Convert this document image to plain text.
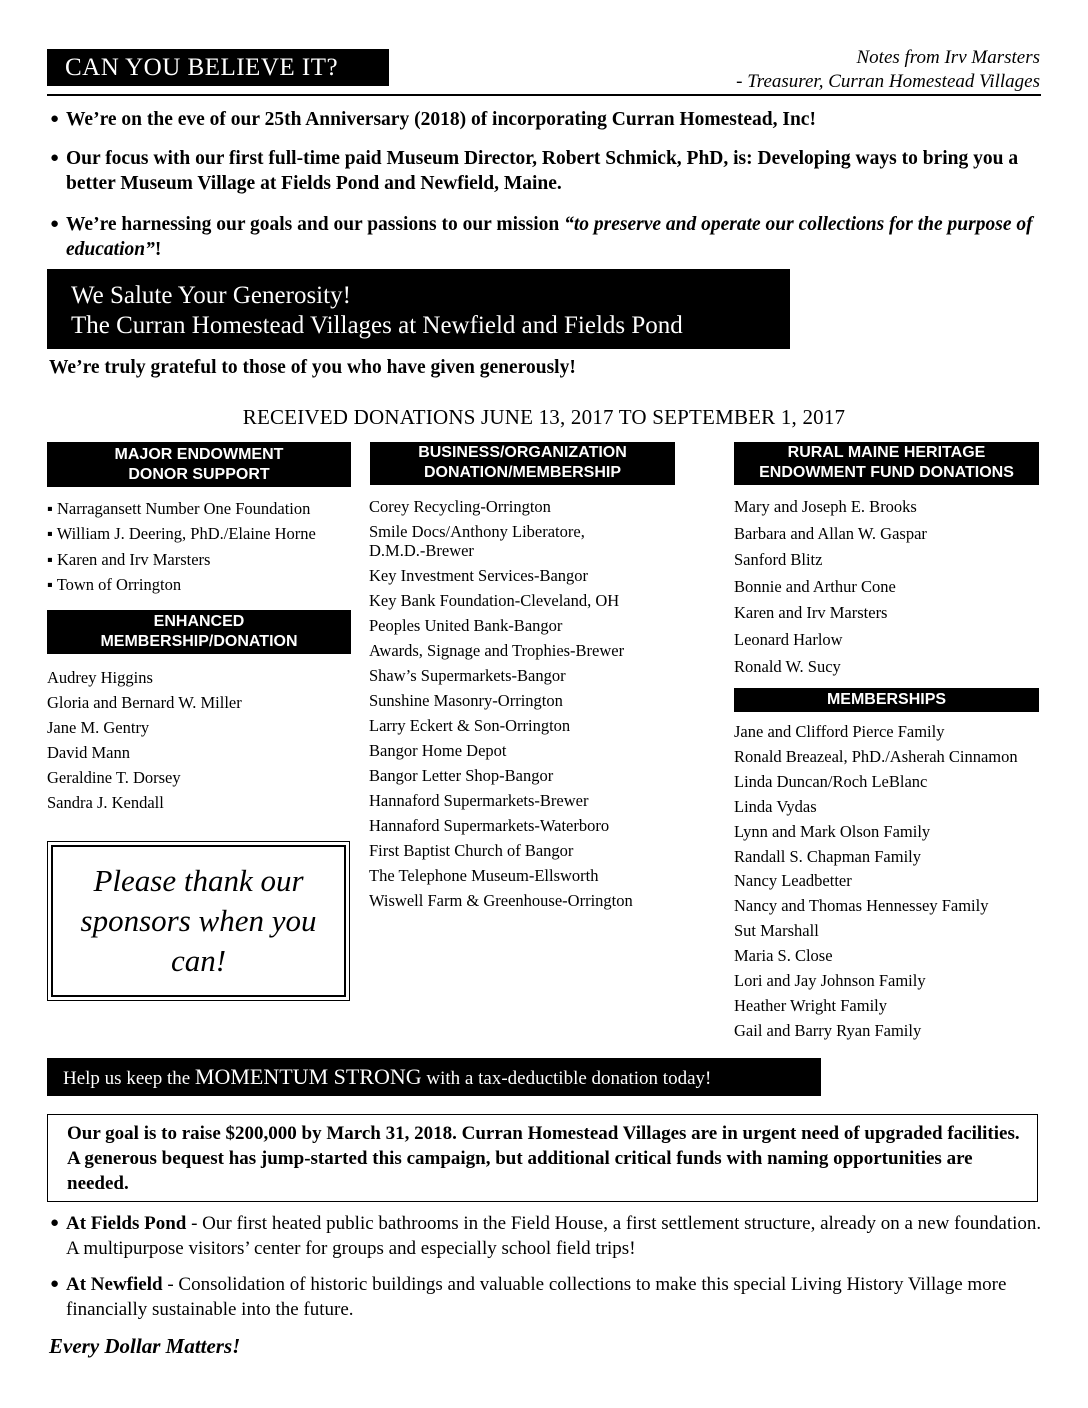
CAN YOU BELIEVE IT?	Notes from Irv Marsters
- Treasurer, Curran Homestead Villages
● We’re on the eve of our 25th Anniversary (2018) of incorporating Curran Homestead, Inc!
● Our focus with our first full-time paid Museum Director, Robert Schmick, PhD, is: Developing ways to bring you a better Museum Village at Fields Pond and Newfield, Maine.
● We’re harnessing our goals and our passions to our mission “to preserve and operate our collections for the purpose of education”!
We Salute Your Generosity!
The Curran Homestead Villages at Newfield and Fields Pond
We’re truly grateful to those of you who have given generously!
RECEIVED DONATIONS JUNE 13, 2017 TO SEPTEMBER 1, 2017
MAJOR ENDOWMENT
DONOR SUPPORT
▪ Narragansett Number One Foundation
▪ William J. Deering, PhD./Elaine Horne
▪ Karen and Irv Marsters
▪ Town of Orrington
ENHANCED
MEMBERSHIP/DONATION
Audrey Higgins
Gloria and Bernard W. Miller
Jane M. Gentry
David Mann
Geraldine T. Dorsey
Sandra J. Kendall
Please thank our sponsors when you can!
BUSINESS/ORGANIZATION
DONATION/MEMBERSHIP
Corey Recycling-Orrington
Smile Docs/Anthony Liberatore,
D.M.D.-Brewer
Key Investment Services-Bangor
Key Bank Foundation-Cleveland, OH
Peoples United Bank-Bangor
Awards, Signage and Trophies-Brewer
Shaw’s Supermarkets-Bangor
Sunshine Masonry-Orrington
Larry Eckert & Son-Orrington
Bangor Home Depot
Bangor Letter Shop-Bangor
Hannaford Supermarkets-Brewer
Hannaford Supermarkets-Waterboro
First Baptist Church of Bangor
The Telephone Museum-Ellsworth
Wiswell Farm & Greenhouse-Orrington
RURAL MAINE HERITAGE
ENDOWMENT FUND DONATIONS
Mary and Joseph E. Brooks
Barbara and Allan W. Gaspar
Sanford Blitz
Bonnie and Arthur Cone
Karen and Irv Marsters
Leonard Harlow
Ronald W. Sucy
MEMBERSHIPS
Jane and Clifford Pierce Family
Ronald Breazeal, PhD./Asherah Cinnamon
Linda Duncan/Roch LeBlanc
Linda Vydas
Lynn and Mark Olson Family
Randall S. Chapman Family
Nancy Leadbetter
Nancy and Thomas Hennessey Family
Sut Marshall
Maria S. Close
Lori and Jay Johnson Family
Heather Wright Family
Gail and Barry Ryan Family
Help us keep the MOMENTUM STRONG with a tax-deductible donation today!
Our goal is to raise $200,000 by March 31, 2018. Curran Homestead Villages are in urgent need of upgraded facilities. A generous bequest has jump-started this campaign, but additional critical funds with naming opportunities are needed.
● At Fields Pond - Our first heated public bathrooms in the Field House, a first settlement structure, already on a new foundation. A multipurpose visitors’ center for groups and especially school field trips!
● At Newfield - Consolidation of historic buildings and valuable collections to make this special Living History Village more financially sustainable into the future.
Every Dollar Matters!
